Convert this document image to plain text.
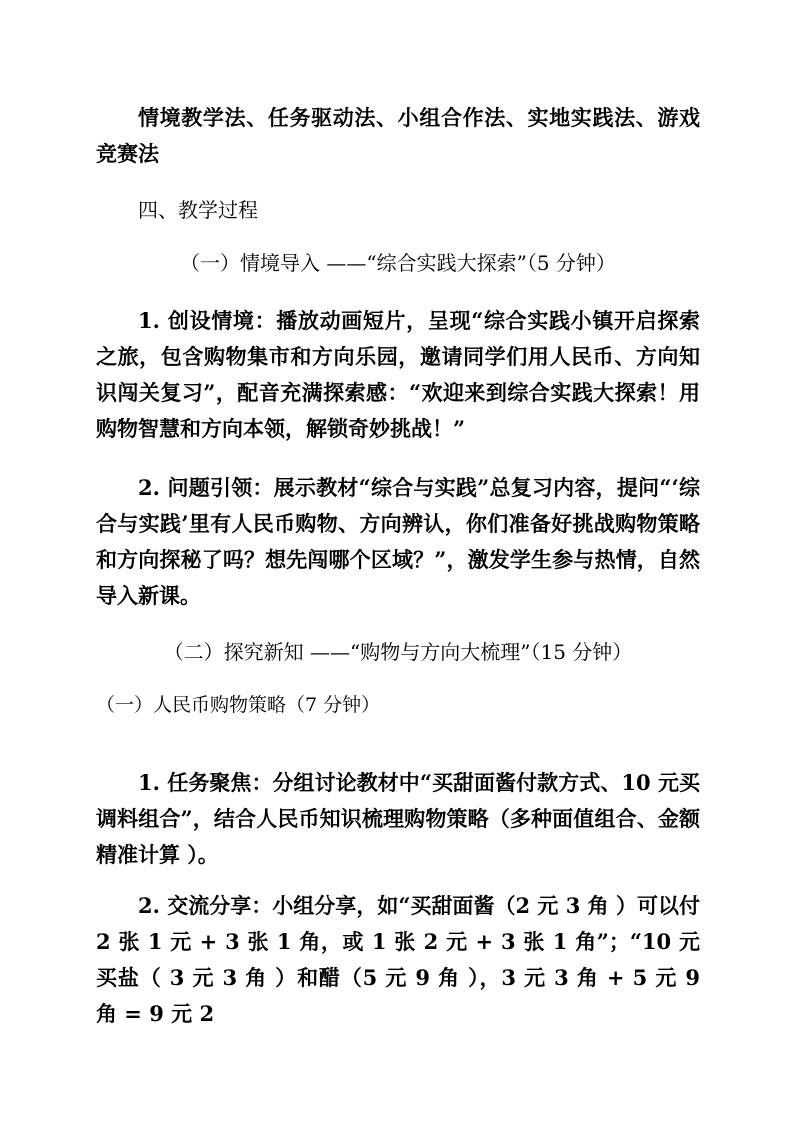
情境教学法、任务驱动法、小组合作法、实地实践法、游戏竞赛法

四、教学过程

（一）情境导入 ——“综合实践大探索”（5 分钟）

1. 创设情境：播放动画短片，呈现“综合实践小镇开启探索之旅，包含购物集市和方向乐园，邀请同学们用人民币、方向知识闯关复习”，配音充满探索感：“欢迎来到综合实践大探索！用购物智慧和方向本领，解锁奇妙挑战！”

2. 问题引领：展示教材“综合与实践”总复习内容，提问“‘综合与实践’里有人民币购物、方向辨认，你们准备好挑战购物策略和方向探秘了吗？想先闯哪个区域？”，激发学生参与热情，自然导入新课。

（二）探究新知 ——“购物与方向大梳理”（15 分钟）

（一）人民币购物策略（7 分钟）

1. 任务聚焦：分组讨论教材中“买甜面酱付款方式、10 元买调料组合”，结合人民币知识梳理购物策略（多种面值组合、金额精准计算 ）。

2. 交流分享：小组分享，如“买甜面酱（2 元 3 角 ）可以付 2 张 1 元 + 3 张 1 角，或 1 张 2 元 + 3 张 1 角”；“10 元买盐（ 3 元 3 角 ）和醋（5 元 9 角 ），3 元 3 角 + 5 元 9 角 = 9 元 2
